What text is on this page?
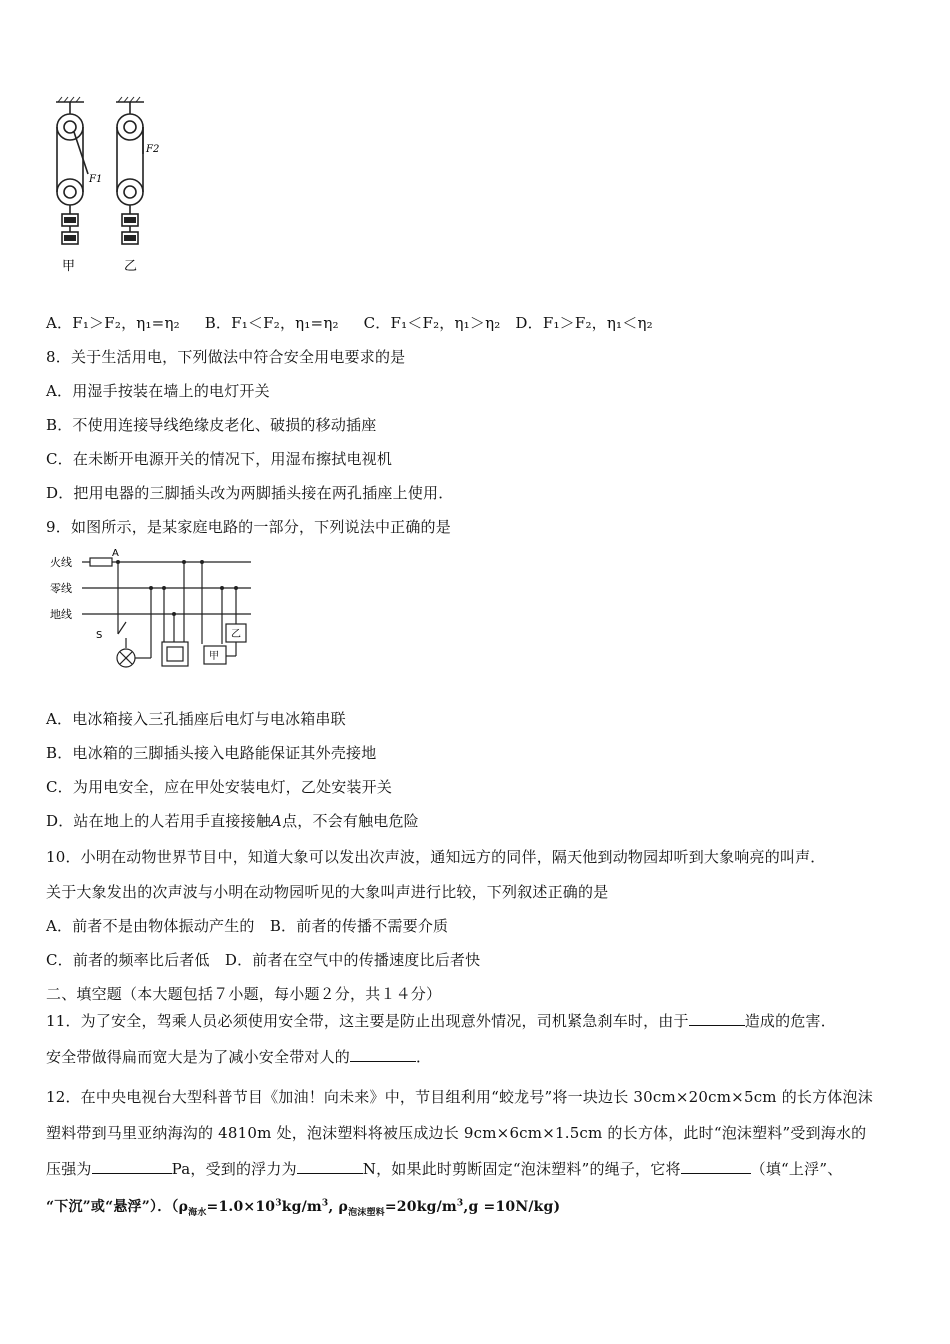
F1
F2
甲	乙
A．F₁＞F₂，η₁=η₂ B．F₁＜F₂，η₁=η₂ C．F₁＜F₂，η₁＞η₂ D．F₁＞F₂，η₁＜η₂
8．关于生活用电，下列做法中符合安全用电要求的是
A．用湿手按装在墙上的电灯开关
B．不使用连接导线绝缘皮老化、破损的移动插座
C．在未断开电源开关的情况下，用湿布擦拭电视机
D．把用电器的三脚插头改为两脚插头接在两孔插座上使用．
9．如图所示，是某家庭电路的一部分，下列说法中正确的是
火线
零线
地线
A
S
甲
乙
A．电冰箱接入三孔插座后电灯与电冰箱串联
B．电冰箱的三脚插头接入电路能保证其外壳接地
C．为用电安全，应在甲处安装电灯，乙处安装开关
D．站在地上的人若用手直接接触A点，不会有触电危险
10．小明在动物世界节目中，知道大象可以发出次声波，通知远方的同伴，隔天他到动物园却听到大象响亮的叫声．
关于大象发出的次声波与小明在动物园听见的大象叫声进行比较，下列叙述正确的是
A．前者不是由物体振动产生的　B．前者的传播不需要介质
C．前者的频率比后者低　D．前者在空气中的传播速度比后者快
二、填空题（本大题包括７小题，每小题２分，共１４分）
11．为了安全，驾乘人员必须使用安全带，这主要是防止出现意外情况，司机紧急刹车时，由于	造成的危害．
安全带做得扁而宽大是为了减小安全带对人的	．
12．在中央电视台大型科普节目《加油！向未来》中，节目组利用“蛟龙号”将一块边长 30cm×20cm×5cm 的长方体泡沫
塑料带到马里亚纳海沟的 4810m 处，泡沫塑料将被压成边长 9cm×6cm×1.5cm 的长方体，此时“泡沫塑料”受到海水的
压强为	Pa，受到的浮力为	N，如果此时剪断固定“泡沫塑料”的绳子，它将	（填“上浮”、
“下沉”或“悬浮”）．（$\rho_{海水}=1.0\times 10^3kg/m^3$, $\rho_{泡沫塑料}=20kg/m^3,g =10N/kg$)
